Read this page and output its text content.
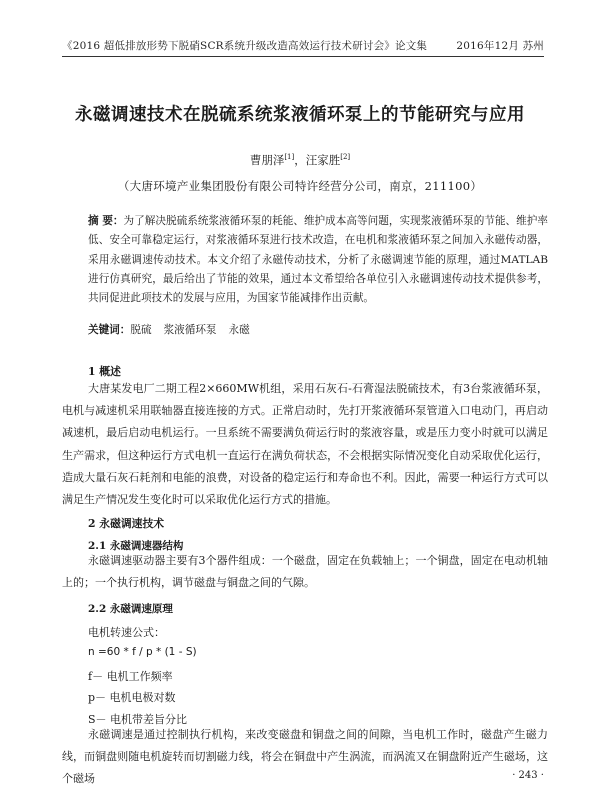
《2016 超低排放形势下脱硝SCR系统升级改造高效运行技术研讨会》论文集	2016年12月 苏州
永磁调速技术在脱硫系统浆液循环泵上的节能研究与应用
曹朋泽[1]，汪家胜[2]
（大唐环境产业集团股份有限公司特许经营分公司，南京，211100）

摘 要：为了解决脱硫系统浆液循环泵的耗能、维护成本高等问题，实现浆液循环泵的节能、维护率低、安全可靠稳定运行，对浆液循环泵进行技术改造，在电机和浆液循环泵之间加入永磁传动器，采用永磁调速传动技术。本文介绍了永磁传动技术，分析了永磁调速节能的原理，通过MATLAB进行仿真研究，最后给出了节能的效果，通过本文希望给各单位引入永磁调速传动技术提供参考，共同促进此项技术的发展与应用，为国家节能减排作出贡献。

关键词：脱硫 浆液循环泵 永磁

1 概述

大唐某发电厂二期工程2×660MW机组，采用石灰石-石膏湿法脱硫技术，有3台浆液循环泵，电机与减速机采用联轴器直接连接的方式。正常启动时，先打开浆液循环泵管道入口电动门，再启动减速机，最后启动电机运行。一旦系统不需要满负荷运行时的浆液容量，或是压力变小时就可以满足生产需求，但这种运行方式电机一直运行在满负荷状态，不会根据实际情况变化自动采取优化运行，造成大量石灰石耗剂和电能的浪费，对设备的稳定运行和寿命也不利。因此，需要一种运行方式可以满足生产情况发生变化时可以采取优化运行方式的措施。

2 永磁调速技术

2.1 永磁调速器结构

永磁调速驱动器主要有3个器件组成：一个磁盘，固定在负载轴上；一个铜盘，固定在电动机轴上的；一个执行机构，调节磁盘与铜盘之间的气隙。

2.2 永磁调速原理

电机转速公式：

n =60 * f / p * (1 - S)

f－ 电机工作频率

p－ 电机电极对数

S－ 电机带差旨分比

永磁调速是通过控制执行机构，来改变磁盘和铜盘之间的间隙，当电机工作时，磁盘产生磁力线，而铜盘则随电机旋转而切割磁力线，将会在铜盘中产生涡流，而涡流又在铜盘附近产生磁场，这个磁场	· 243 ·
